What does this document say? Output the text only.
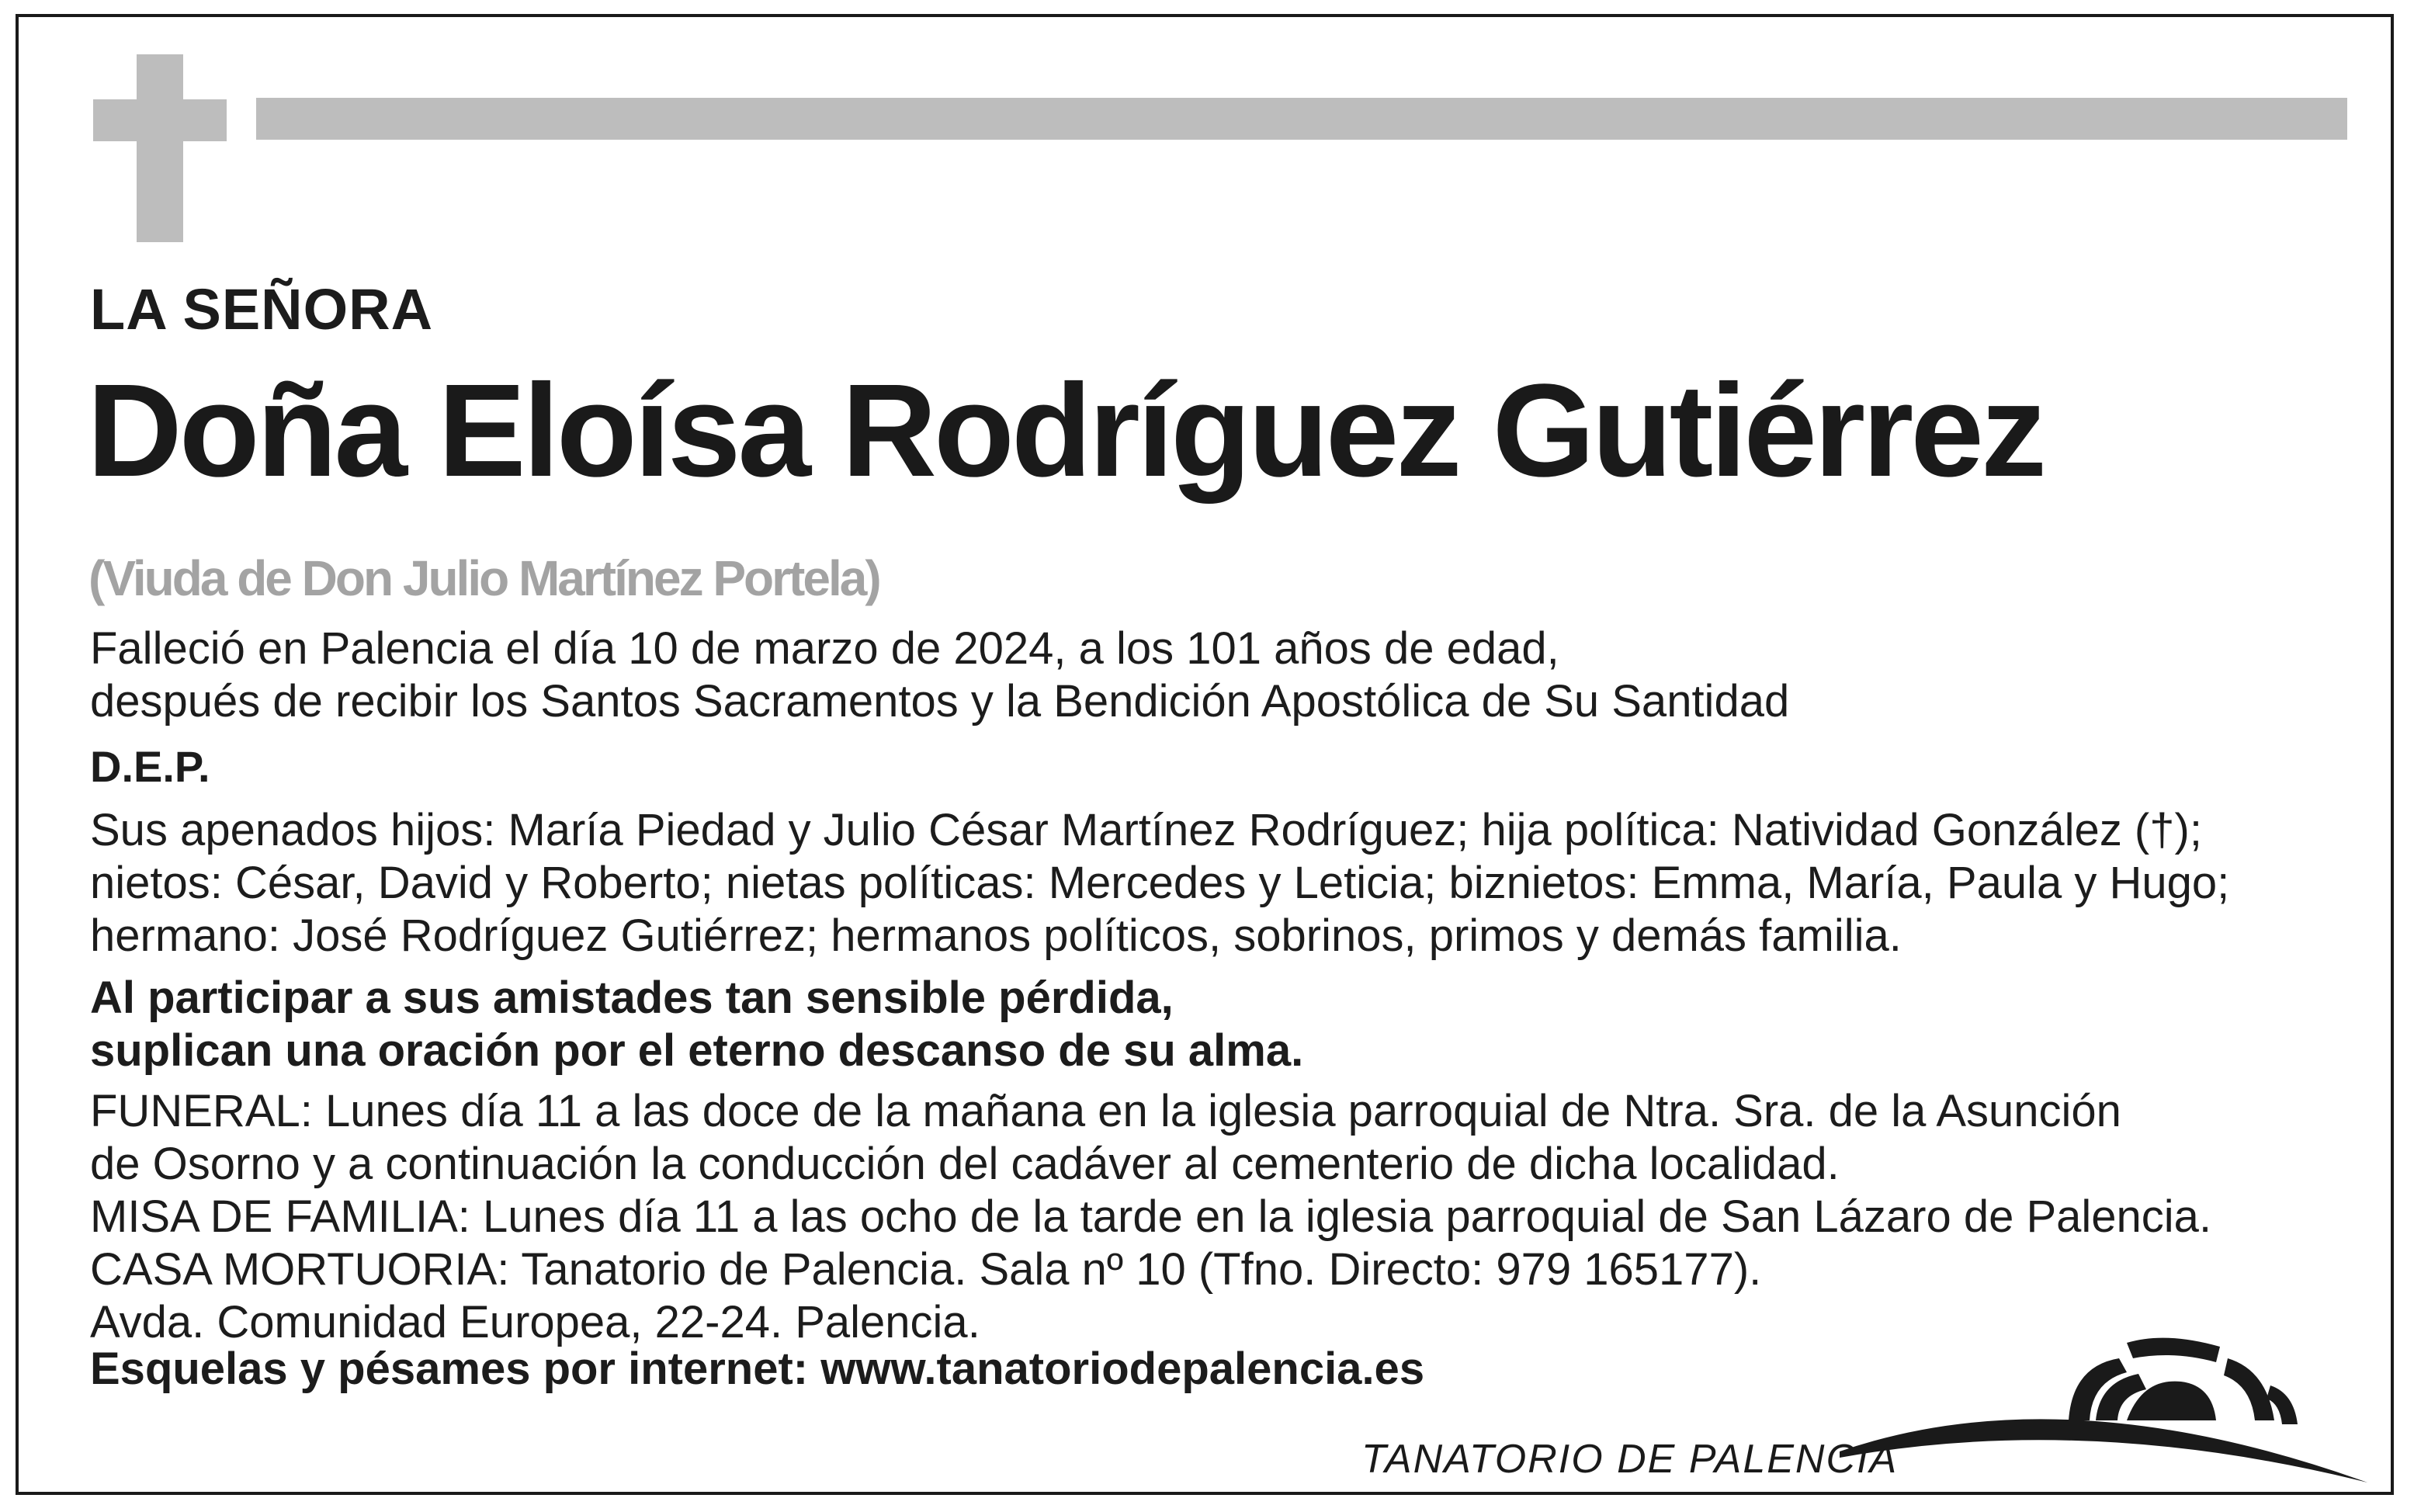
LA SEÑORA
Doña Eloísa Rodríguez Gutiérrez
(Viuda de Don Julio Martínez Portela)
Falleció en Palencia el día 10 de marzo de 2024, a los 101 años de edad,
después de recibir los Santos Sacramentos y la Bendición Apostólica de Su Santidad
D.E.P.
Sus apenados hijos: María Piedad y Julio César Martínez Rodríguez; hija política: Natividad González (†);
nietos: César, David y Roberto; nietas políticas: Mercedes y Leticia; biznietos: Emma, María, Paula y Hugo;
hermano: José Rodríguez Gutiérrez; hermanos políticos, sobrinos, primos y demás familia.
Al participar a sus amistades tan sensible pérdida,
suplican una oración por el eterno descanso de su alma.
FUNERAL: Lunes día 11 a las doce de la mañana en la iglesia parroquial de Ntra. Sra. de la Asunción
de Osorno y a continuación la conducción del cadáver al cementerio de dicha localidad.
MISA DE FAMILIA: Lunes día 11 a las ocho de la tarde en la iglesia parroquial de San Lázaro de Palencia.
CASA MORTUORIA: Tanatorio de Palencia. Sala nº 10 (Tfno. Directo: 979 165177).
Avda. Comunidad Europea, 22-24. Palencia.
Esquelas y pésames por internet: www.tanatoriodepalencia.es
TANATORIO DE PALENCIA
